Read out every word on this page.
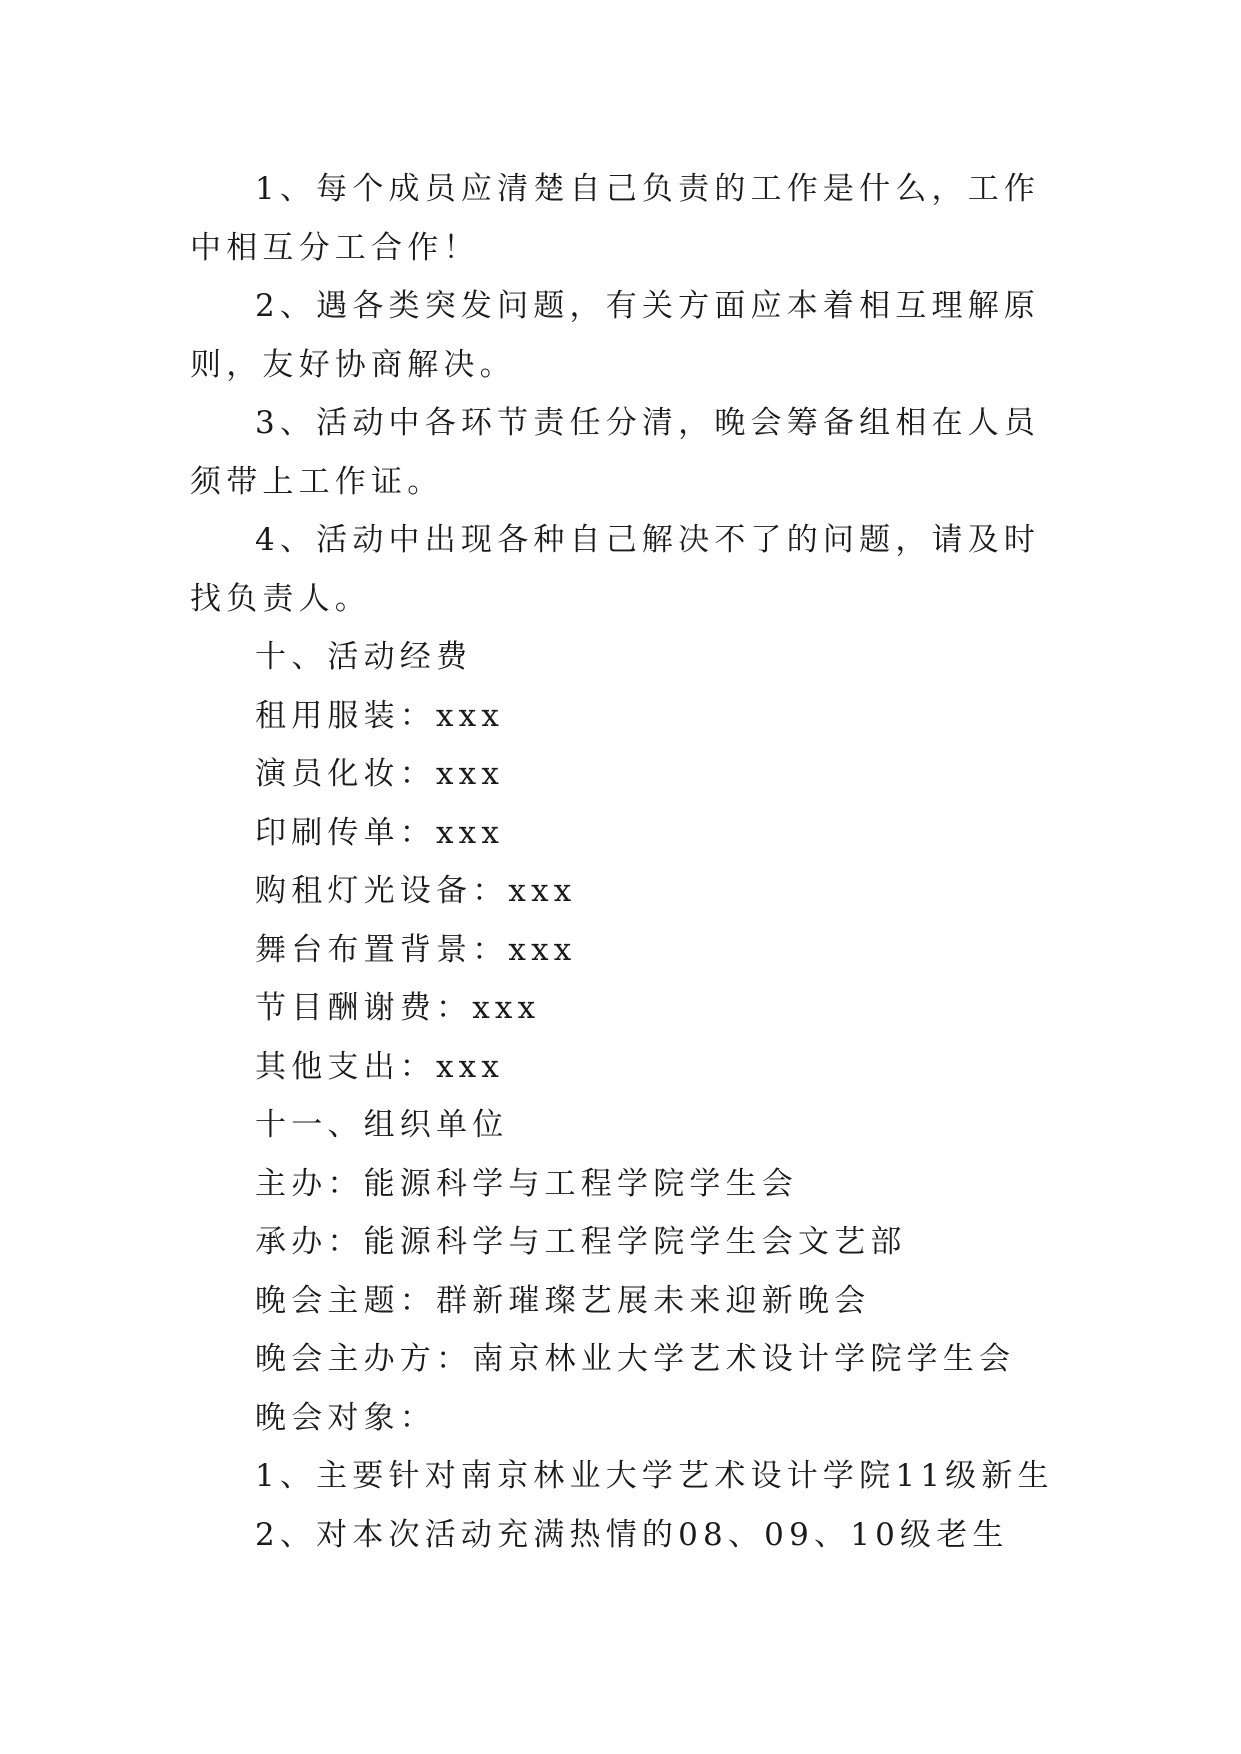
1、每个成员应清楚自己负责的工作是什么，工作中相互分工合作！

2、遇各类突发问题，有关方面应本着相互理解原则，友好协商解决。

3、活动中各环节责任分清，晚会筹备组相在人员须带上工作证。

4、活动中出现各种自己解决不了的问题，请及时找负责人。

十、活动经费

租用服装：xxx

演员化妆：xxx

印刷传单：xxx

购租灯光设备：xxx

舞台布置背景：xxx

节目酬谢费：xxx

其他支出：xxx

十一、组织单位

主办：能源科学与工程学院学生会

承办：能源科学与工程学院学生会文艺部

晚会主题：群新璀璨艺展未来迎新晚会

晚会主办方：南京林业大学艺术设计学院学生会

晚会对象：

1、主要针对南京林业大学艺术设计学院11级新生

2、对本次活动充满热情的08、09、10级老生
